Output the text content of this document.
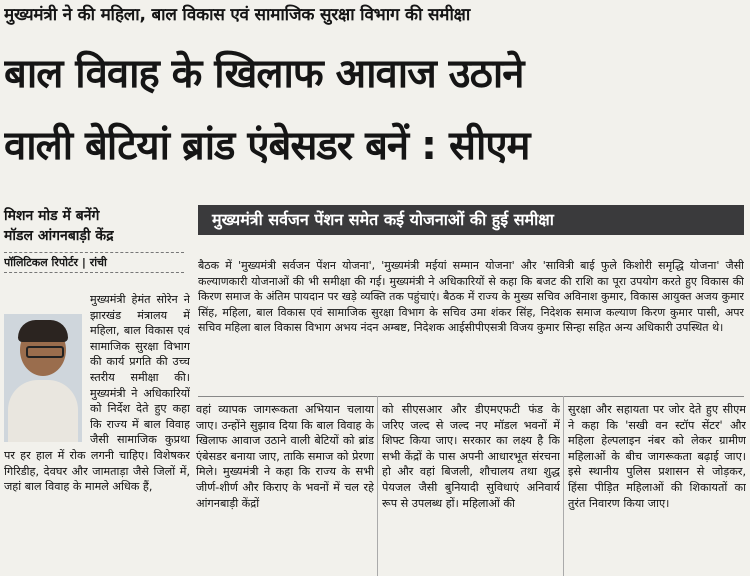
मुख्यमंत्री ने की महिला, बाल विकास एवं सामाजिक सुरक्षा विभाग की समीक्षा
बाल विवाह के खिलाफ आवाज उठाने
वाली बेटियां ब्रांड एंबेसडर बनें : सीएम
मिशन मोड में बनेंगे
मॉडल आंगनबाड़ी केंद्र
पॉलिटिकल रिपोर्टर | रांची
मुख्यमंत्री सर्वजन पेंशन समेत कई योजनाओं की हुई समीक्षा
बैठक में 'मुख्यमंत्री सर्वजन पेंशन योजना', 'मुख्यमंत्री मईयां सम्मान योजना' और 'सावित्री बाई फुले किशोरी समृद्धि योजना' जैसी कल्याणकारी योजनाओं की भी समीक्षा की गई। मुख्यमंत्री ने अधिकारियों से कहा कि बजट की राशि का पूरा उपयोग करते हुए विकास की किरण समाज के अंतिम पायदान पर खड़े व्यक्ति तक पहुंचाएं। बैठक में राज्य के मुख्य सचिव अविनाश कुमार, विकास आयुक्त अजय कुमार सिंह, महिला, बाल विकास एवं सामाजिक सुरक्षा विभाग के सचिव उमा शंकर सिंह, निदेशक समाज कल्याण किरण कुमार पासी, अपर सचिव महिला बाल विकास विभाग अभय नंदन अम्बष्ट, निदेशक आईसीपीएसत्री विजय कुमार सिन्हा सहित अन्य अधिकारी उपस्थित थे।
मुख्यमंत्री हेमंत सोरेन ने झारखंड मंत्रालय में महिला, बाल विकास एवं सामाजिक सुरक्षा विभाग की कार्य प्रगति की उच्च स्तरीय समीक्षा की। मुख्यमंत्री ने अधिकारियों को निर्देश देते हुए कहा कि राज्य में बाल विवाह जैसी सामाजिक कुप्रथा पर हर हाल में रोक लगनी चाहिए। विशेषकर गिरिडीह, देवघर और जामताड़ा जैसे जिलों में, जहां बाल विवाह के मामले अधिक हैं,
वहां व्यापक जागरूकता अभियान चलाया जाए। उन्होंने सुझाव दिया कि बाल विवाह के खिलाफ आवाज उठाने वाली बेटियों को ब्रांड एंबेसडर बनाया जाए, ताकि समाज को प्रेरणा मिले। मुख्यमंत्री ने कहा कि राज्य के सभी जीर्ण-शीर्ण और किराए के भवनों में चल रहे आंगनबाड़ी केंद्रों
को सीएसआर और डीएमएफटी फंड के जरिए जल्द से जल्द नए मॉडल भवनों में शिफ्ट किया जाए। सरकार का लक्ष्य है कि सभी केंद्रों के पास अपनी आधारभूत संरचना हो और वहां बिजली, शौचालय तथा शुद्ध पेयजल जैसी बुनियादी सुविधाएं अनिवार्य रूप से उपलब्ध हों। महिलाओं की
सुरक्षा और सहायता पर जोर देते हुए सीएम ने कहा कि 'सखी वन स्टॉप सेंटर' और महिला हेल्पलाइन नंबर को लेकर ग्रामीण महिलाओं के बीच जागरूकता बढ़ाई जाए। इसे स्थानीय पुलिस प्रशासन से जोड़कर, हिंसा पीड़ित महिलाओं की शिकायतों का तुरंत निवारण किया जाए।
